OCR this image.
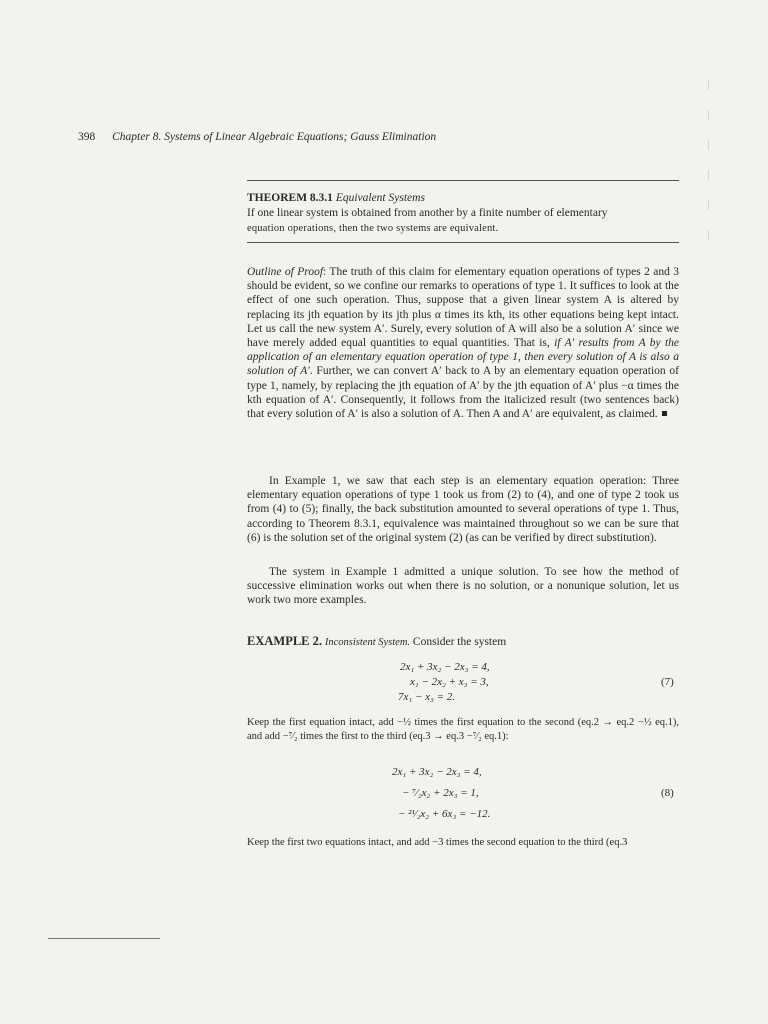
398 Chapter 8. Systems of Linear Algebraic Equations; Gauss Elimination
THEOREM 8.3.1 Equivalent Systems
If one linear system is obtained from another by a finite number of elementary
equation operations, then the two systems are equivalent.

Outline of Proof: The truth of this claim for elementary equation operations of types 2 and 3 should be evident, so we confine our remarks to operations of type 1. It suffices to look at the effect of one such operation. Thus, suppose that a given linear system A is altered by replacing its jth equation by its jth plus α times its kth, its other equations being kept intact. Let us call the new system A′. Surely, every solution of A will also be a solution A′ since we have merely added equal quantities to equal quantities. That is, if A′ results from A by the application of an elementary equation operation of type 1, then every solution of A is also a solution of A′. Further, we can convert A′ back to A by an elementary equation operation of type 1, namely, by replacing the jth equation of A′ by the jth equation of A′ plus −α times the kth equation of A′. Consequently, it follows from the italicized result (two sentences back) that every solution of A′ is also a solution of A. Then A and A′ are equivalent, as claimed.

In Example 1, we saw that each step is an elementary equation operation: Three elementary equation operations of type 1 took us from (2) to (4), and one of type 2 took us from (4) to (5); finally, the back substitution amounted to several operations of type 1. Thus, according to Theorem 8.3.1, equivalence was maintained throughout so we can be sure that (6) is the solution set of the original system (2) (as can be verified by direct substitution).

The system in Example 1 admitted a unique solution. To see how the method of successive elimination works out when there is no solution, or a nonunique solution, let us work two more examples.

EXAMPLE 2. Inconsistent System. Consider the system
2x₁ + 3x₂ − 2x₃ = 4,
x₁ − 2x₂ + x₃ = 3,
7x₁ − x₃ = 2.
(7)

Keep the first equation intact, add −½ times the first equation to the second (eq.2 → eq.2 −½ eq.1), and add −⁷⁄₂ times the first to the third (eq.3 → eq.3 −⁷⁄₂ eq.1):

2x₁ + 3x₂ − 2x₃ = 4,
− ⁷⁄₂x₂ + 2x₃ = 1,
− ²¹⁄₂x₂ + 6x₃ = −12.
(8)

Keep the first two equations intact, and add −3 times the second equation to the third (eq.3
